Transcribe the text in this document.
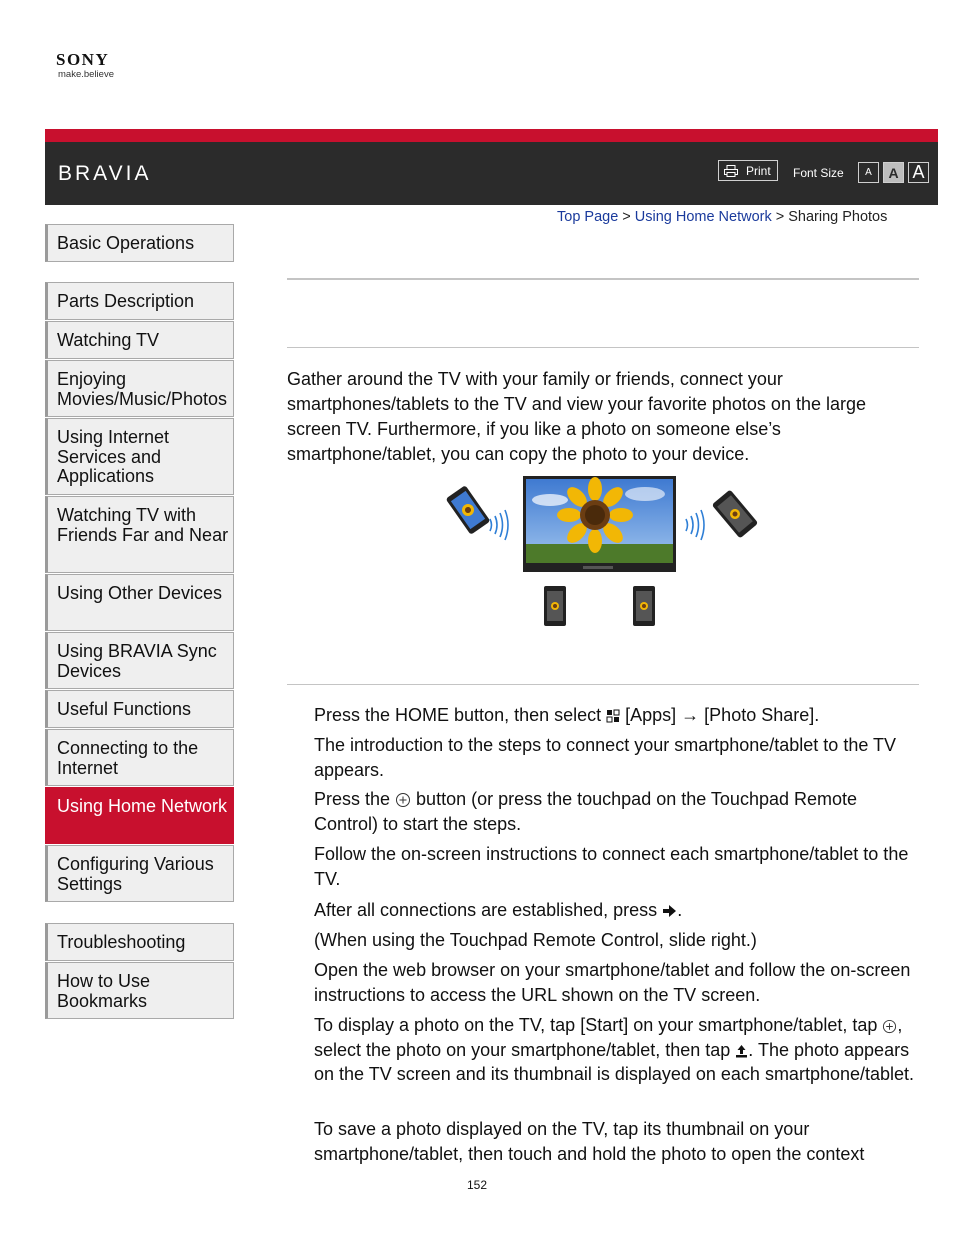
SONY
make.believe
BRAVIA	Print Font Size	A	A A
Top Page > Using Home Network > Sharing Photos
Basic Operations
Parts Description
Watching TV
Enjoying Movies/Music/Photos
Using Internet Services and Applications
Watching TV with Friends Far and Near
Using Other Devices
Using BRAVIA Sync Devices
Useful Functions
Connecting to the Internet
Using Home Network
Configuring Various Settings
Troubleshooting
How to Use Bookmarks
Gather around the TV with your family or friends, connect your smartphones/tablets to the TV and view your favorite photos on the large screen TV. Furthermore, if you like a photo on someone else’s smartphone/tablet, you can copy the photo to your device.
Press the HOME button, then select  [Apps] → [Photo Share].
The introduction to the steps to connect your smartphone/tablet to the TV appears.
Press the  button (or press the touchpad on the Touchpad Remote Control) to start the steps.
Follow the on-screen instructions to connect each smartphone/tablet to the TV.
After all connections are established, press .
(When using the Touchpad Remote Control, slide right.)
Open the web browser on your smartphone/tablet and follow the on-screen instructions to access the URL shown on the TV screen.
To display a photo on the TV, tap [Start] on your smartphone/tablet, tap , select the photo on your smartphone/tablet, then tap . The photo appears on the TV screen and its thumbnail is displayed on each smartphone/tablet.
To save a photo displayed on the TV, tap its thumbnail on your smartphone/tablet, then touch and hold the photo to open the context
152
